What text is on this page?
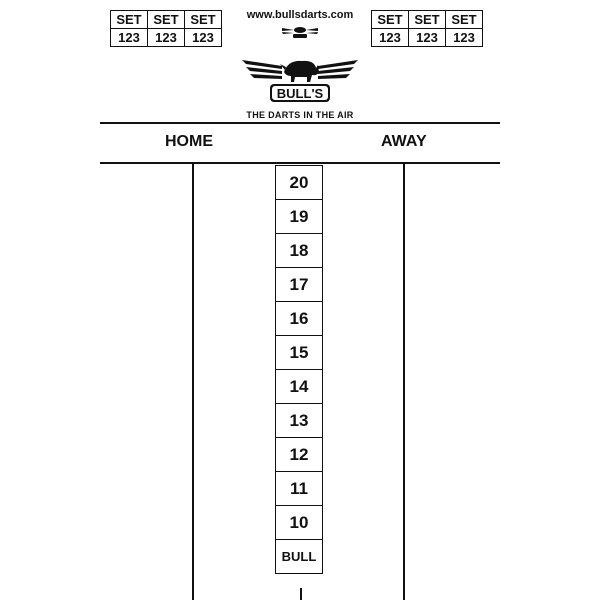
SET	SET	SET
123	123	123
SET	SET	SET
123	123	123
www.bullsdarts.com
BULL'S
THE DARTS IN THE AIR
HOME	AWAY
20
19
18
17
16
15
14
13
12
11
10
BULL
